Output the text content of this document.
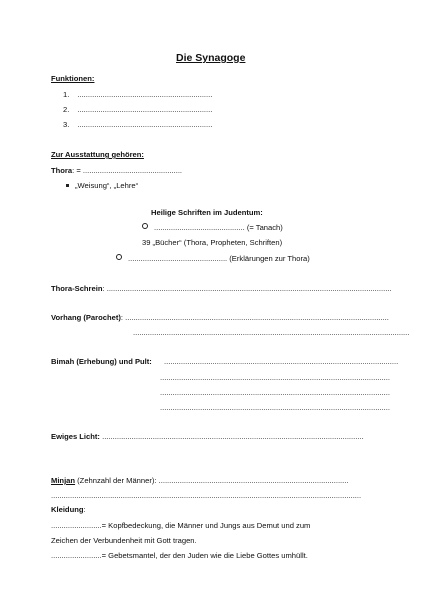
Die Synagoge
Funktionen:
1. ................................................................
2. ................................................................
3. ................................................................
Zur Ausstattung gehören:
Thora: = ...............................................
„Weisung“, „Lehre“
Heilige Schriften im Judentum:
........................................... (= Tanach)
39 „Bücher“ (Thora, Propheten, Schriften)
............................................... (Erklärungen zur Thora)
Thora-Schrein: .......................................................................................................................................
Vorhang (Parochet): .............................................................................................................................
...................................................................................................................................
Bimah (Erhebung) und Pult: ...............................................................................................................
.............................................................................................................
.............................................................................................................
.............................................................................................................
Ewiges Licht: ............................................................................................................................
Minjan (Zehnzahl der Männer): ..........................................................................................
...................................................................................................................................................
Kleidung:
........................= Kopfbedeckung, die Männer und Jungs aus Demut und zum
Zeichen der Verbundenheit mit Gott tragen.
........................= Gebetsmantel, der den Juden wie die Liebe Gottes umhüllt.
